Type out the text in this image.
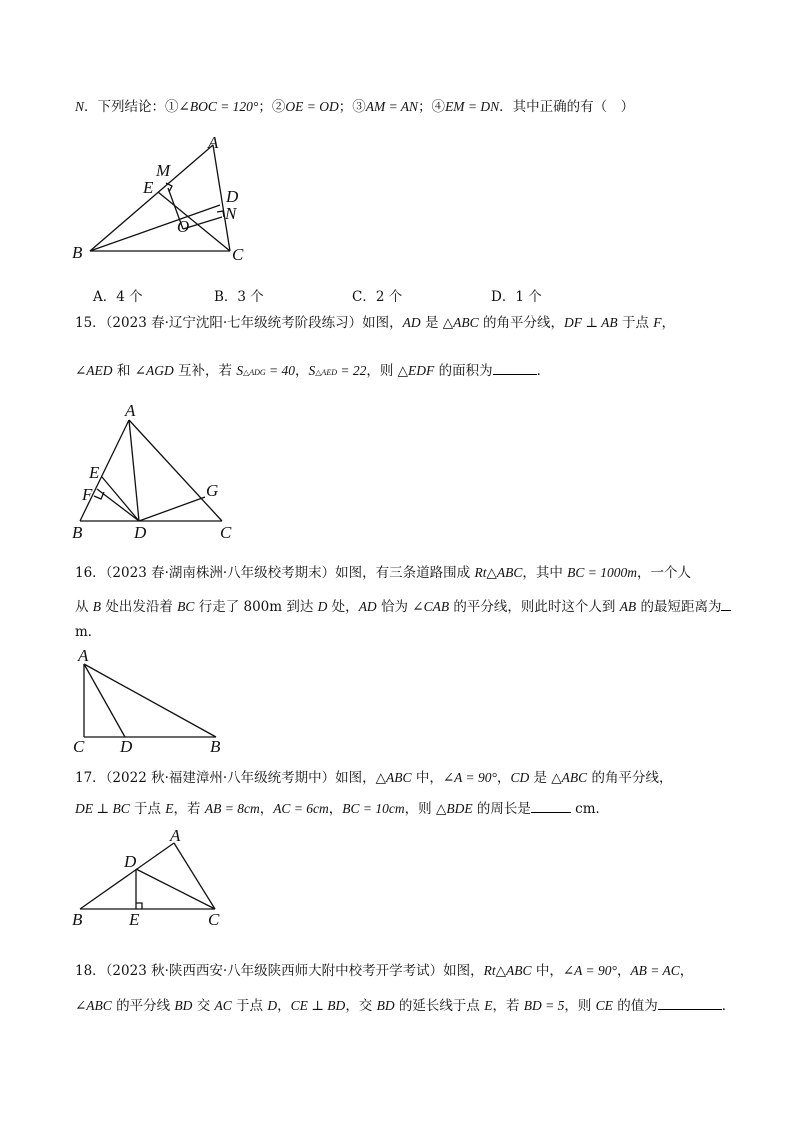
N．下列结论：①∠BOC = 120°；②OE = OD；③AM = AN；④EM = DN．其中正确的有（　）
A
M
E	D
N
O
B	C
A．4 个	B．3 个	C．2 个	D．1 个
15．（2023 春·辽宁沈阳·七年级统考阶段练习）如图，AD 是 △ABC 的角平分线，DF ⊥ AB 于点 F，
∠AED 和 ∠AGD 互补，若 S△ADG = 40，S△AED = 22，则 △EDF 的面积为	．
A
E
F	G
B	D	C
16．（2023 春·湖南株洲·八年级校考期末）如图，有三条道路围成 Rt△ABC，其中 BC = 1000m，一个人
从 B 处出发沿着 BC 行走了 800m 到达 D 处，AD 恰为 ∠CAB 的平分线，则此时这个人到 AB 的最短距离为
m．
A
C D	B
17．（2022 秋·福建漳州·八年级统考期中）如图，△ABC 中，∠A = 90°，CD 是 △ABC 的角平分线，
DE ⊥ BC 于点 E，若 AB = 8cm，AC = 6cm，BC = 10cm，则 △BDE 的周长是	cm．
A
D
B	E	C
18．（2023 秋·陕西西安·八年级陕西师大附中校考开学考试）如图，Rt△ABC 中，∠A = 90°，AB = AC，
∠ABC 的平分线 BD 交 AC 于点 D，CE ⊥ BD，交 BD 的延长线于点 E，若 BD = 5，则 CE 的值为	．
